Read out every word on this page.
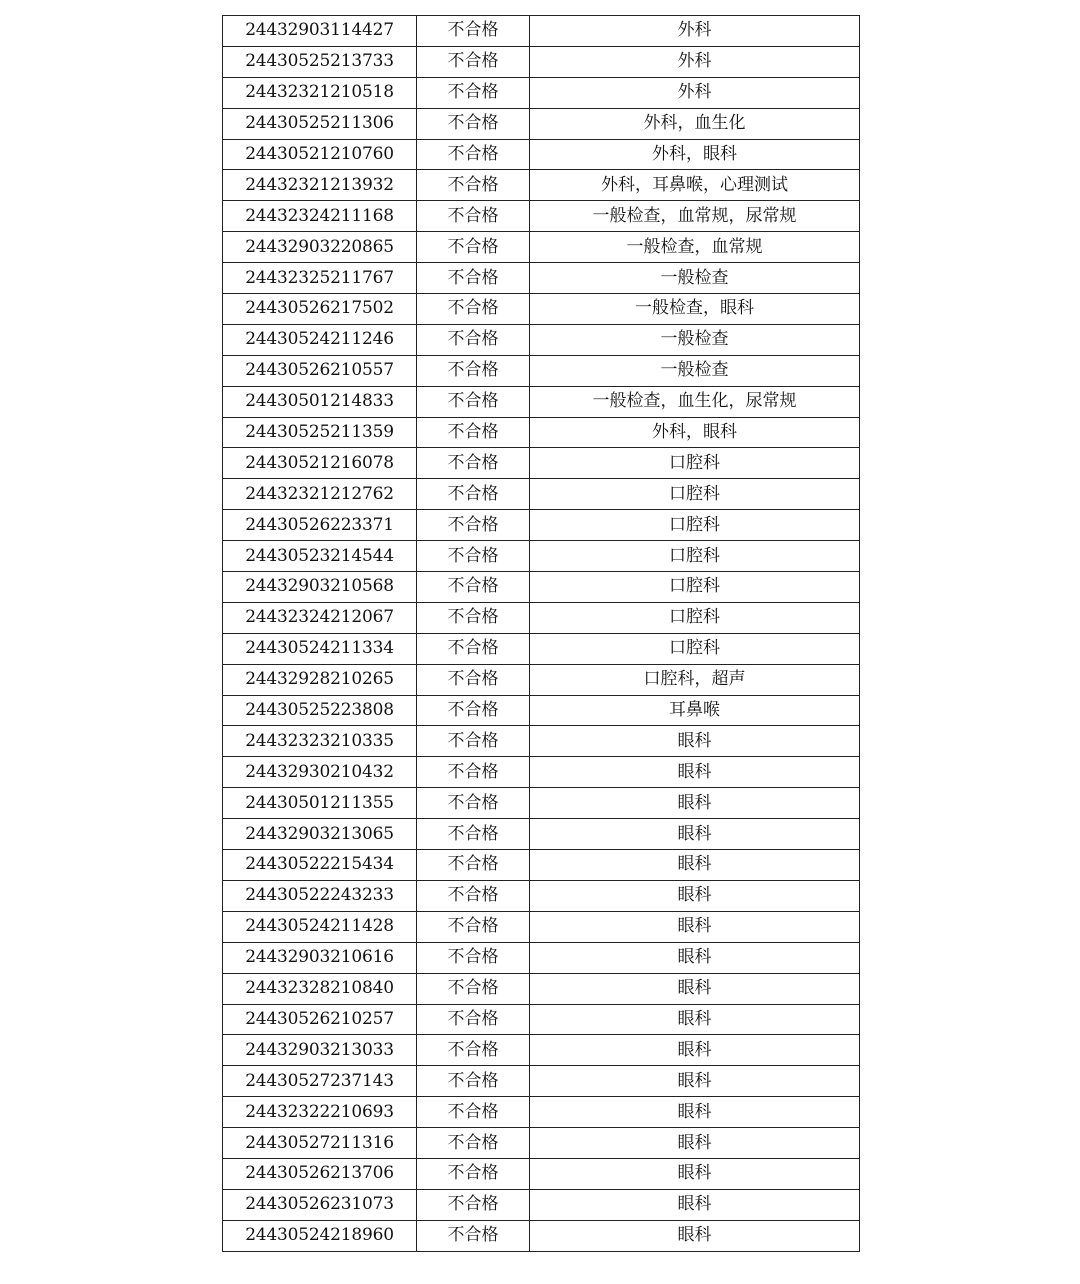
24432903114427	不合格	外科
24430525213733	不合格	外科
24432321210518	不合格	外科
24430525211306	不合格	外科，血生化
24430521210760	不合格	外科，眼科
24432321213932	不合格	外科，耳鼻喉，心理测试
24432324211168	不合格	一般检查，血常规，尿常规
24432903220865	不合格	一般检查，血常规
24432325211767	不合格	一般检查
24430526217502	不合格	一般检查，眼科
24430524211246	不合格	一般检查
24430526210557	不合格	一般检查
24430501214833	不合格	一般检查，血生化，尿常规
24430525211359	不合格	外科，眼科
24430521216078	不合格	口腔科
24432321212762	不合格	口腔科
24430526223371	不合格	口腔科
24430523214544	不合格	口腔科
24432903210568	不合格	口腔科
24432324212067	不合格	口腔科
24430524211334	不合格	口腔科
24432928210265	不合格	口腔科，超声
24430525223808	不合格	耳鼻喉
24432323210335	不合格	眼科
24432930210432	不合格	眼科
24430501211355	不合格	眼科
24432903213065	不合格	眼科
24430522215434	不合格	眼科
24430522243233	不合格	眼科
24430524211428	不合格	眼科
24432903210616	不合格	眼科
24432328210840	不合格	眼科
24430526210257	不合格	眼科
24432903213033	不合格	眼科
24430527237143	不合格	眼科
24432322210693	不合格	眼科
24430527211316	不合格	眼科
24430526213706	不合格	眼科
24430526231073	不合格	眼科
24430524218960	不合格	眼科
